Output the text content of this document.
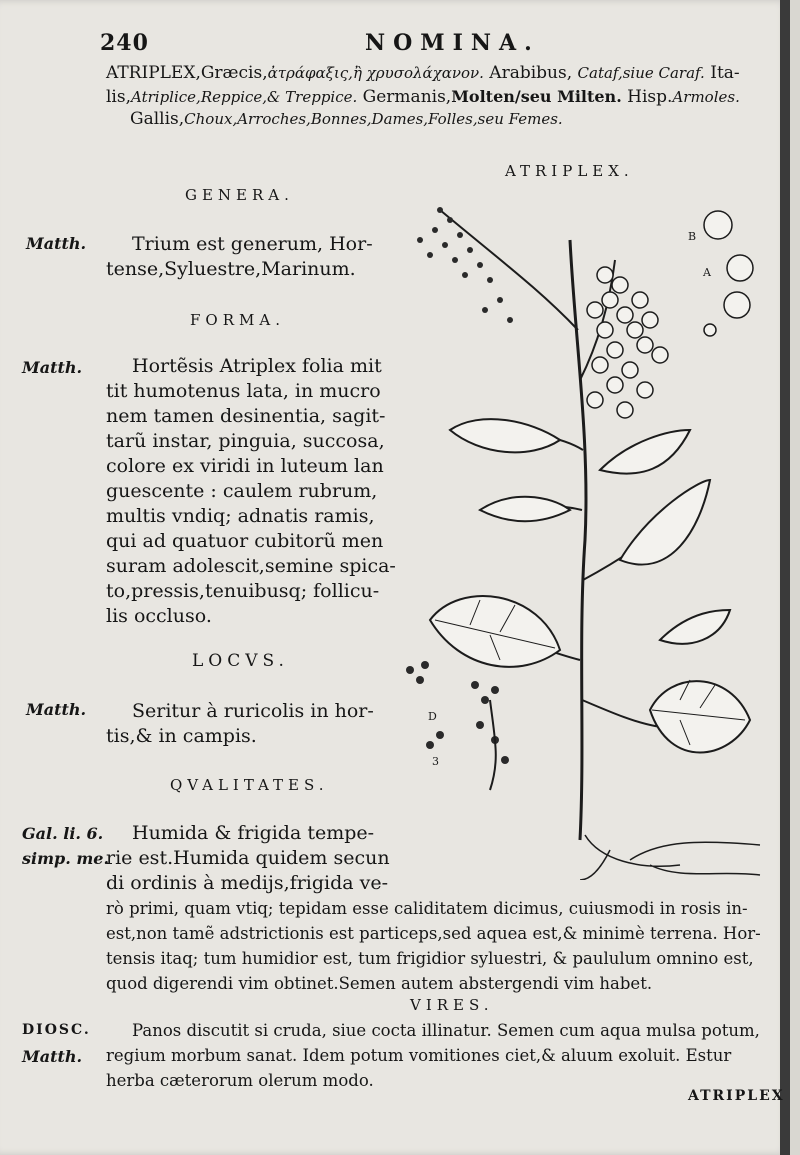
240	NOMINA.
ATRIPLEX,Græcis,ἀτράφαξις,ἢ χρυσολάχανον. Arabibus, Cataf,siue Caraf. Ita-
lis,Atriplice,Reppice,& Treppice. Germanis,Molten/seu Milten. Hisp.Armoles.
Gallis,Choux,Arroches,Bonnes,Dames,Folles,seu Femes.
ATRIPLEX.
GENERA.
Matth. Trium est generum, Hor-
tense,Syluestre,Marinum.
FORMA.
Matth.	Hortẽsis Atriplex folia mit
tit humotenus lata, in mucro
nem tamen desinentia, sagit-
tarũ instar, pinguia, succosa,
colore ex viridi in luteum lan
guescente : caulem rubrum,
multis vndiq; adnatis ramis,
qui ad quatuor cubitorũ men
suram adolescit,semine spica-
to,pressis,tenuibusq; follicu-
lis occluso.
LOCVS.
Matth. Seritur à ruricolis in hor-
tis,& in campis.
QVALITATES.
Gal. li. 6.
simp. me.
Humida & frigida tempe-
rie est.Humida quidem secun
di ordinis à medijs,frigida ve-
rò primi, quam vtiq; tepidam esse caliditatem dicimus, cuiusmodi in rosis in-
est,non tamẽ adstrictionis est particeps,sed aquea est,& minimè terrena. Hor-
tensis itaq; tum humidior est, tum frigidior syluestri, & paululum omnino est,
quod digerendi vim obtinet.Semen autem abstergendi vim habet.
VIRES.
DIOSC.
Matth.
Panos discutit si cruda, siue cocta illinatur. Semen cum aqua mulsa potum,
regium morbum sanat. Idem potum vomitiones ciet,& aluum exoluit. Estur
herba cæterorum olerum modo.
ATRIPLEX
A
B
D
3
